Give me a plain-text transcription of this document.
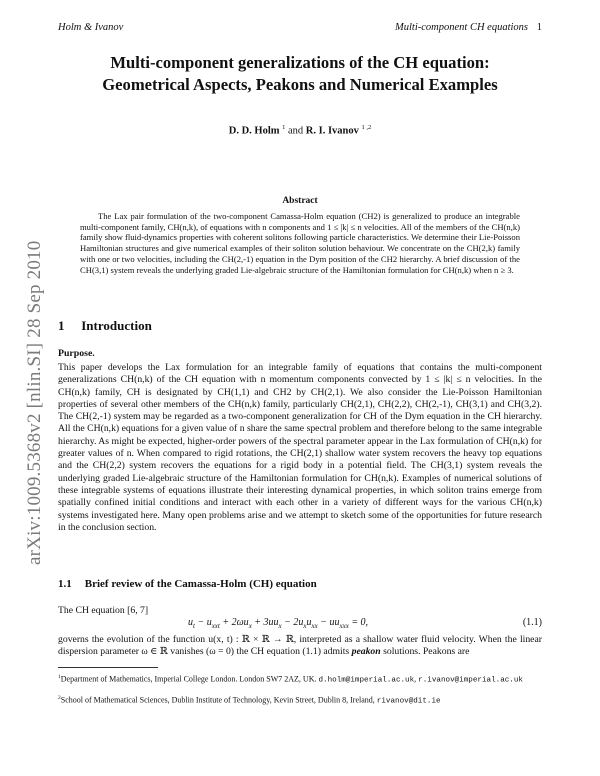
Holm & Ivanov	Multi-component CH equations 1
arXiv:1009.5368v2 [nlin.SI] 28 Sep 2010
Multi-component generalizations of the CH equation:
Geometrical Aspects, Peakons and Numerical Examples
D. D. Holm $^1$ and R. I. Ivanov $^{1 ,2}$
Abstract
The Lax pair formulation of the two-component Camassa-Holm equation (CH2) is generalized to produce an integrable multi-component family, CH(n,k), of equations with n components and 1 ≤ |k| ≤ n velocities. All of the members of the CH(n,k) family show fluid-dynamics properties with coherent solitons following particle characteristics. We determine their Lie-Poisson Hamiltonian structures and give numerical examples of their soliton solution behaviour. We concentrate on the CH(2,k) family with one or two velocities, including the CH(2,-1) equation in the Dym position of the CH2 hierarchy. A brief discussion of the CH(3,1) system reveals the underlying graded Lie-algebraic structure of the Hamiltonian formulation for CH(n,k) when n ≥ 3.
1 Introduction
Purpose.
This paper develops the Lax formulation for an integrable family of equations that contains the multi-component generalizations CH(n,k) of the CH equation with n momentum components convected by 1 ≤ |k| ≤ n velocities. In the CH(n,k) family, CH is designated by CH(1,1) and CH2 by CH(2,1). We also consider the Lie-Poisson Hamiltonian properties of several other members of the CH(n,k) family, particularly CH(2,1), CH(2,2), CH(2,-1), CH(3,1) and CH(3,2). The CH(2,-1) system may be regarded as a two-component generalization for CH of the Dym equation in the CH hierarchy. All the CH(n,k) equations for a given value of n share the same spectral problem and therefore belong to the same integrable hierarchy. As might be expected, higher-order powers of the spectral parameter appear in the Lax formulation of CH(n,k) for greater values of n. When compared to rigid rotations, the CH(2,1) shallow water system recovers the heavy top equations and the CH(2,2) system recovers the equations for a rigid body in a potential field. The CH(3,1) system reveals the underlying graded Lie-algebraic structure of the Hamiltonian formulation for CH(n,k). Examples of numerical solutions of these integrable systems of equations illustrate their interesting dynamical properties, in which soliton trains emerge from spatially confined initial conditions and interact with each other in a variety of different ways for the various CH(n,k) systems investigated here. Many open problems arise and we attempt to sketch some of the opportunities for future research in the conclusion section.
1.1 Brief review of the Camassa-Holm (CH) equation
The CH equation [6, 7]
$u_t - u_{xxt} + 2\omega u_x + 3uu_x - 2u_xu_{xx} - uu_{xxx} = 0$,	(1.1)
governs the evolution of the function u(x, t) : ℝ × ℝ → ℝ, interpreted as a shallow water fluid velocity. When the linear dispersion parameter ω ∈ ℝ vanishes (ω = 0) the CH equation (1.1) admits peakon solutions. Peakons are
$^1$Department of Mathematics, Imperial College London. London SW7 2AZ, UK. d.holm@imperial.ac.uk, r.ivanov@imperial.ac.uk
$^2$School of Mathematical Sciences, Dublin Institute of Technology, Kevin Street, Dublin 8, Ireland, rivanov@dit.ie
